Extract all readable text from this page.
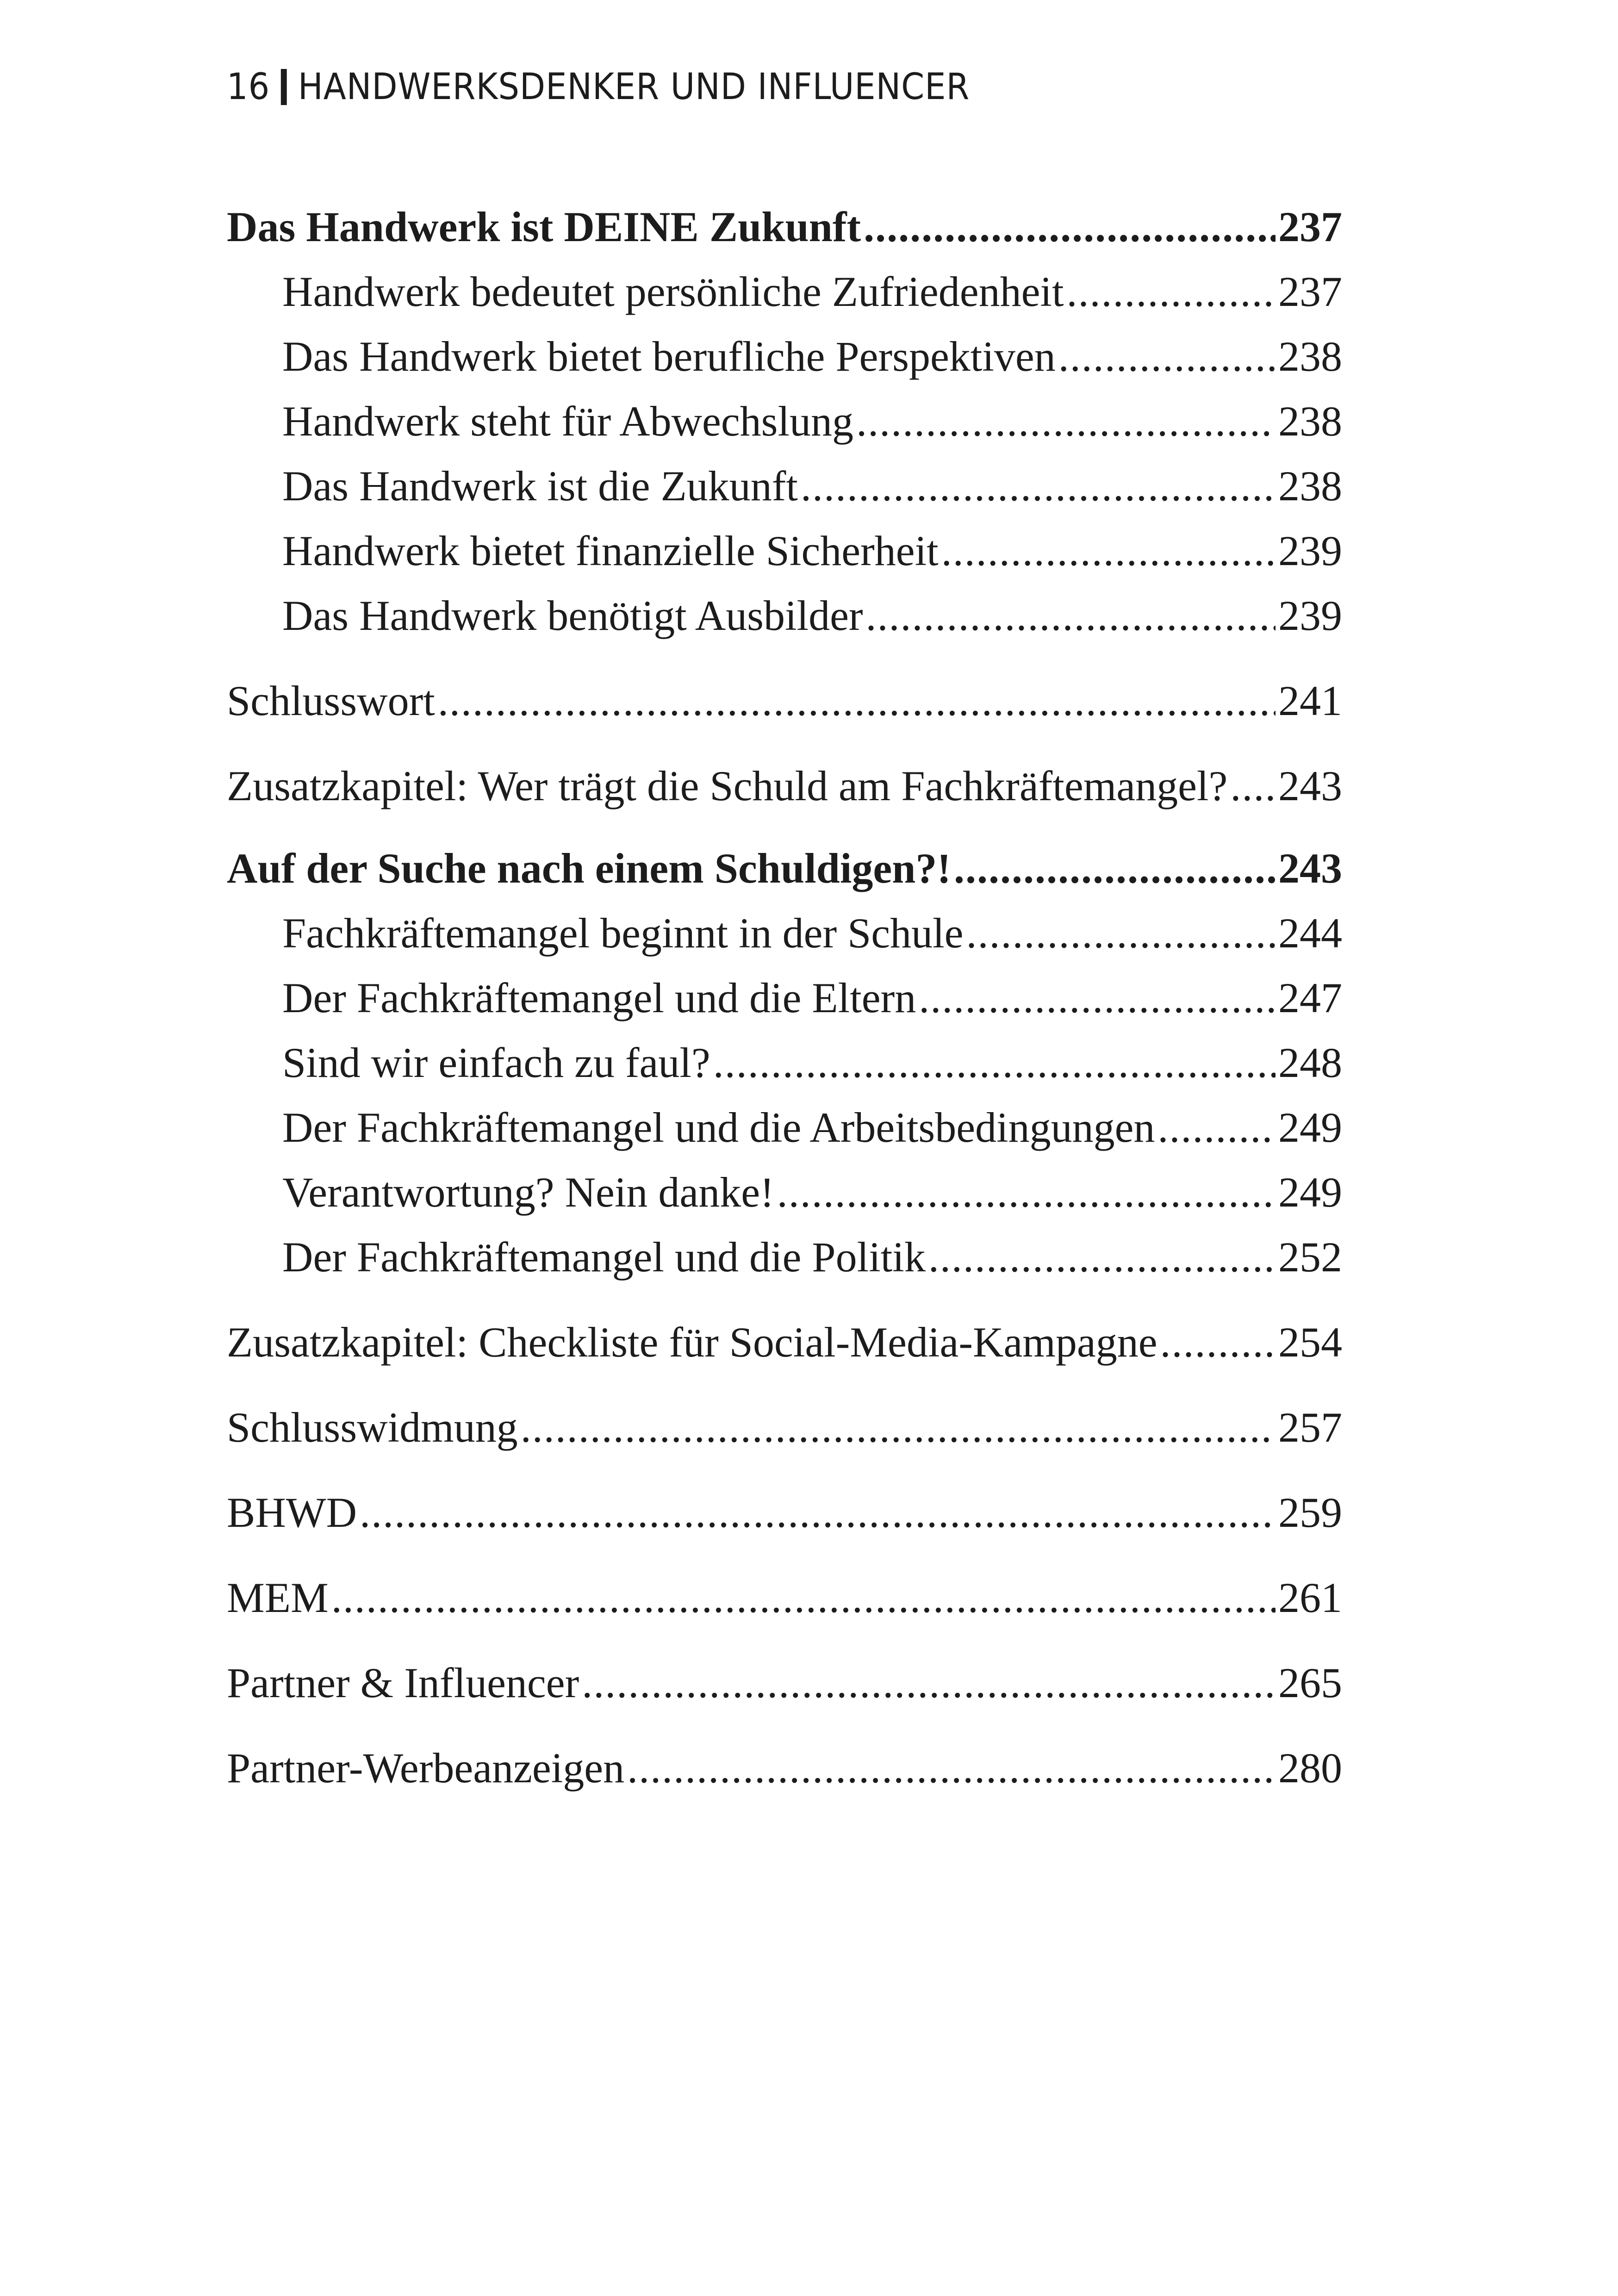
16 HANDWERKSDENKER UND INFLUENCER
Das Handwerk ist DEINE Zukunft .....	237
Handwerk bedeutet persönliche Zufriedenheit .....	237
Das Handwerk bietet berufliche Perspektiven .....	238
Handwerk steht für Abwechslung .....	238
Das Handwerk ist die Zukunft .....	238
Handwerk bietet finanzielle Sicherheit .....	239
Das Handwerk benötigt Ausbilder .....	239
Schlusswort .....	241
Zusatzkapitel: Wer trägt die Schuld am Fachkräftemangel? ..... 243
Auf der Suche nach einem Schuldigen?! .....	243
Fachkräftemangel beginnt in der Schule .....	244
Der Fachkräftemangel und die Eltern .....	247
Sind wir einfach zu faul? .....	248
Der Fachkräftemangel und die Arbeitsbedingungen .....	249
Verantwortung? Nein danke! .....	249
Der Fachkräftemangel und die Politik .....	252
Zusatzkapitel: Checkliste für Social-Media-Kampagne .....	254
Schlusswidmung .....	257
BHWD .....	259
MEM .....	261
Partner & Influencer .....	265
Partner-Werbeanzeigen .....	280
